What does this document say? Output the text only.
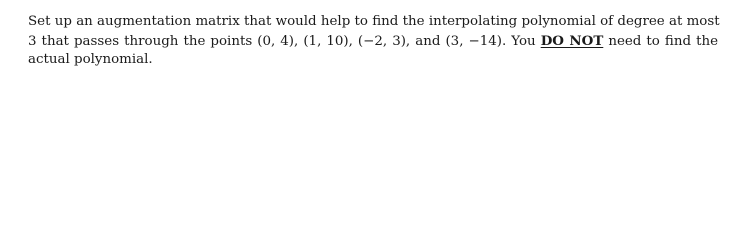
Set up an augmentation matrix that would help to find the interpolating polynomial of degree at most
3 that passes through the points (0, 4), (1, 10), (−2, 3), and (3, −14). You DO NOT need to find the
actual polynomial.
